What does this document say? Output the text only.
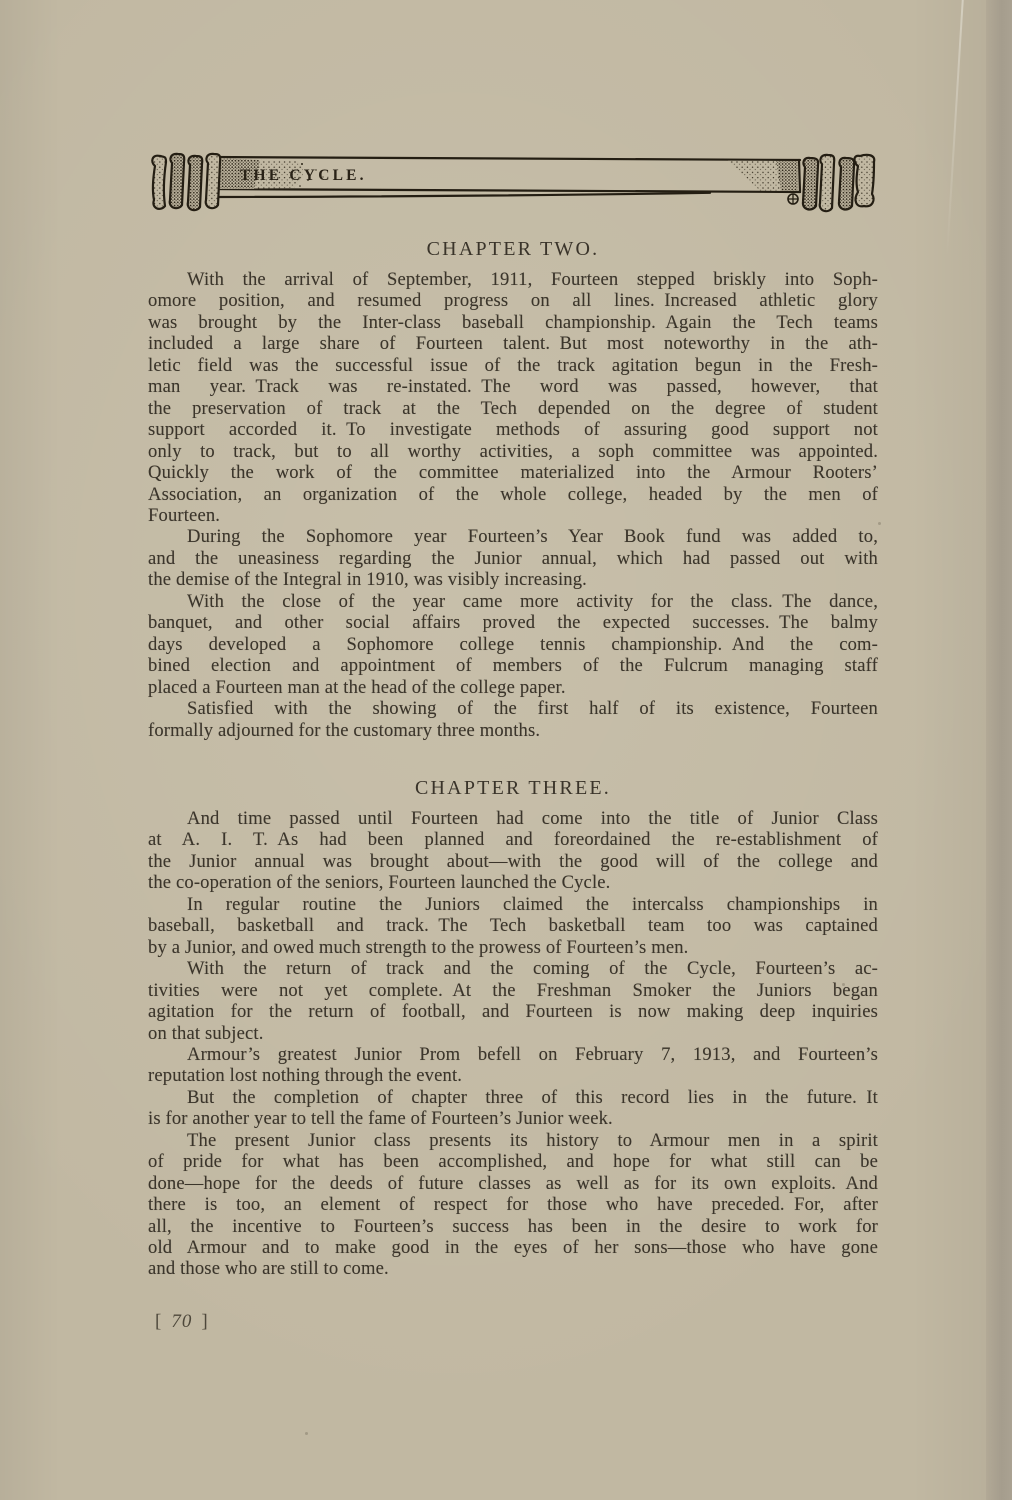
THE CYCLE.
CHAPTER TWO.
With the arrival of September, 1911, Fourteen stepped briskly into Soph-
omore position, and resumed progress on all lines. Increased athletic glory
was brought by the Inter-class baseball championship. Again the Tech teams
included a large share of Fourteen talent. But most noteworthy in the ath-
letic field was the successful issue of the track agitation begun in the Fresh-
man year. Track was re-instated. The word was passed, however, that
the preservation of track at the Tech depended on the degree of student
support accorded it. To investigate methods of assuring good support not
only to track, but to all worthy activities, a soph committee was appointed.
Quickly the work of the committee materialized into the Armour Rooters’
Association, an organization of the whole college, headed by the men of
Fourteen.
During the Sophomore year Fourteen’s Year Book fund was added to,
and the uneasiness regarding the Junior annual, which had passed out with
the demise of the Integral in 1910, was visibly increasing.
With the close of the year came more activity for the class. The dance,
banquet, and other social affairs proved the expected successes. The balmy
days developed a Sophomore college tennis championship. And the com-
bined election and appointment of members of the Fulcrum managing staff
placed a Fourteen man at the head of the college paper.
Satisfied with the showing of the first half of its existence, Fourteen
formally adjourned for the customary three months.
CHAPTER THREE.
And time passed until Fourteen had come into the title of Junior Class
at A. I. T. As had been planned and foreordained the re-establishment of
the Junior annual was brought about—with the good will of the college and
the co-operation of the seniors, Fourteen launched the Cycle.
In regular routine the Juniors claimed the intercalss championships in
baseball, basketball and track. The Tech basketball team too was captained
by a Junior, and owed much strength to the prowess of Fourteen’s men.
With the return of track and the coming of the Cycle, Fourteen’s ac-
tivities were not yet complete. At the Freshman Smoker the Juniors began
agitation for the return of football, and Fourteen is now making deep inquiries
on that subject.
Armour’s greatest Junior Prom befell on February 7, 1913, and Fourteen’s
reputation lost nothing through the event.
But the completion of chapter three of this record lies in the future. It
is for another year to tell the fame of Fourteen’s Junior week.
The present Junior class presents its history to Armour men in a spirit
of pride for what has been accomplished, and hope for what still can be
done—hope for the deeds of future classes as well as for its own exploits. And
there is too, an element of respect for those who have preceded. For, after
all, the incentive to Fourteen’s success has been in the desire to work for
old Armour and to make good in the eyes of her sons—those who have gone
and those who are still to come.
[ 70 ]
